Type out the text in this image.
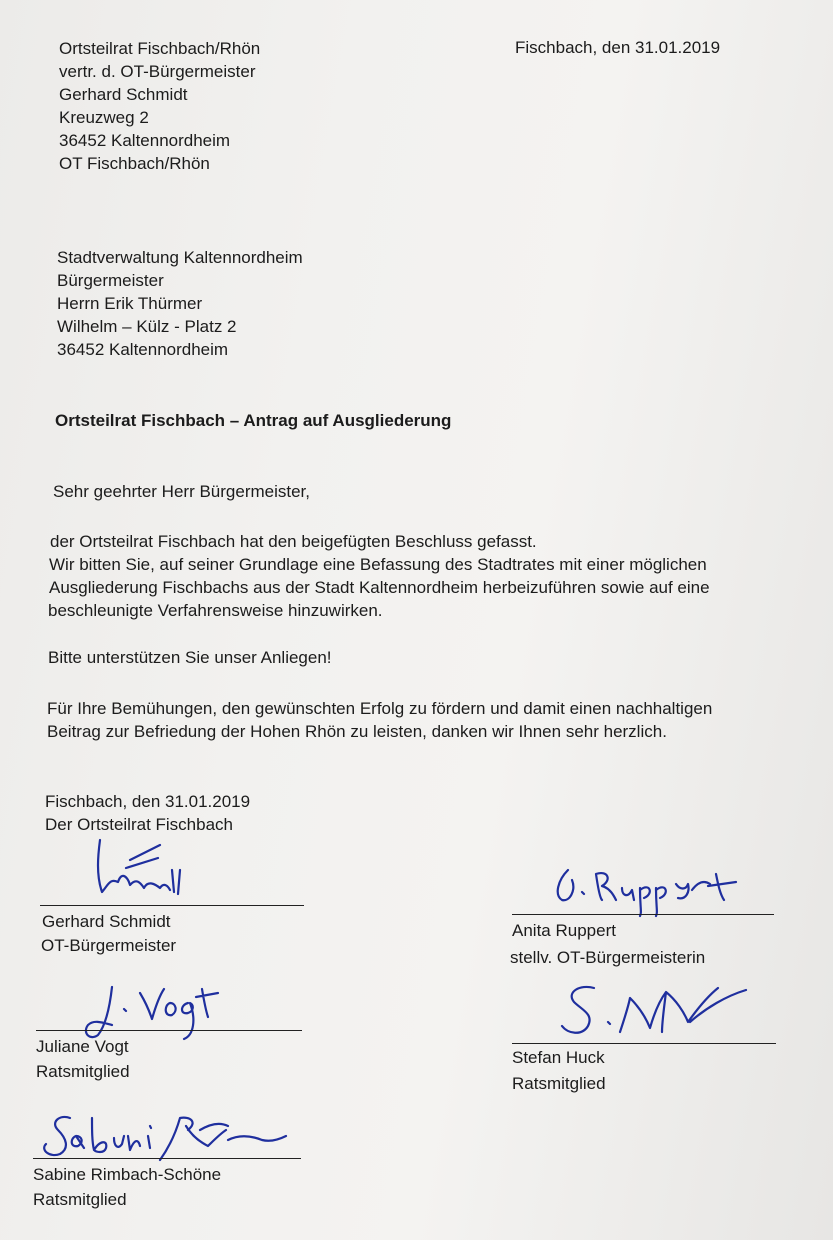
Ortsteilrat Fischbach/Rhön
vertr. d. OT-Bürgermeister
Gerhard Schmidt
Kreuzweg 2
36452 Kaltennordheim
OT Fischbach/Rhön
Fischbach, den 31.01.2019
Stadtverwaltung Kaltennordheim
Bürgermeister
Herrn Erik Thürmer
Wilhelm – Külz - Platz 2
36452 Kaltennordheim
Ortsteilrat Fischbach – Antrag auf Ausgliederung
Sehr geehrter Herr Bürgermeister,
der Ortsteilrat Fischbach hat den beigefügten Beschluss gefasst.
Wir bitten Sie, auf seiner Grundlage eine Befassung des Stadtrates mit einer möglichen
Ausgliederung Fischbachs aus der Stadt Kaltennordheim herbeizuführen sowie auf eine
beschleunigte Verfahrensweise hinzuwirken.
Bitte unterstützen Sie unser Anliegen!
Für Ihre Bemühungen, den gewünschten Erfolg zu fördern und damit einen nachhaltigen
Beitrag zur Befriedung der Hohen Rhön zu leisten, danken wir Ihnen sehr herzlich.
Fischbach, den 31.01.2019
Der Ortsteilrat Fischbach
Gerhard Schmidt
OT-Bürgermeister
Anita Ruppert
stellv. OT-Bürgermeisterin
Juliane Vogt
Ratsmitglied
Stefan Huck
Ratsmitglied
Sabine Rimbach-Schöne
Ratsmitglied
